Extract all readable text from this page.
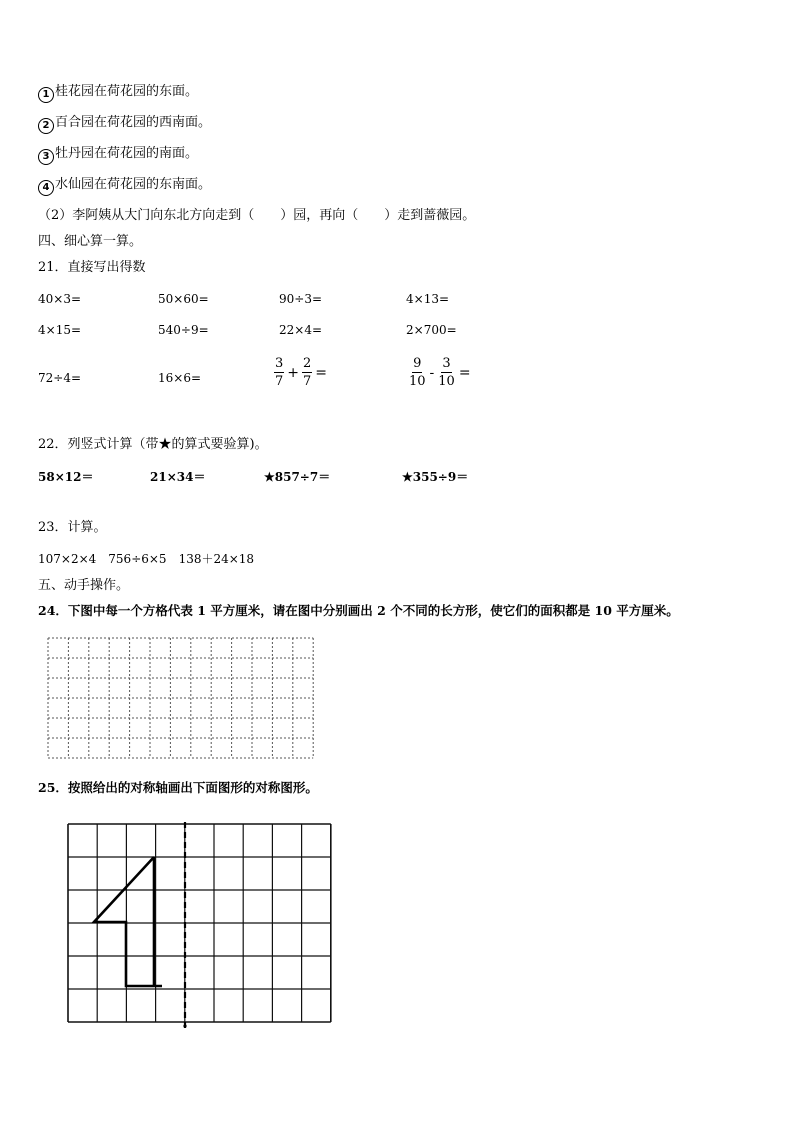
1 桂花园在荷花园的东面。
2 百合园在荷花园的西南面。
3 牡丹园在荷花园的南面。
4 水仙园在荷花园的东南面。
（2）李阿姨从大门向东北方向走到（　　）园，再向（　　）走到蔷薇园。
四、细心算一算。
21．直接写出得数
40×3=	50×60=	90÷3=	4×13=
4×15=	540÷9=	22×4=	2×700=
72÷4=	16×6=	$\frac{3}{7} + \frac{2}{7}$ =	$\frac{9}{10} - \frac{3}{10}$ =
22．列竖式计算（带★的算式要验算)。
58×12＝	21×34＝	★857÷7＝	★355÷9＝
23．计算。
107×2×4　756÷6×5　138＋24×18
五、动手操作。
24．下图中每一个方格代表 1 平方厘米，请在图中分别画出 2 个不同的长方形，使它们的面积都是 10 平方厘米。
25．按照给出的对称轴画出下面图形的对称图形。
